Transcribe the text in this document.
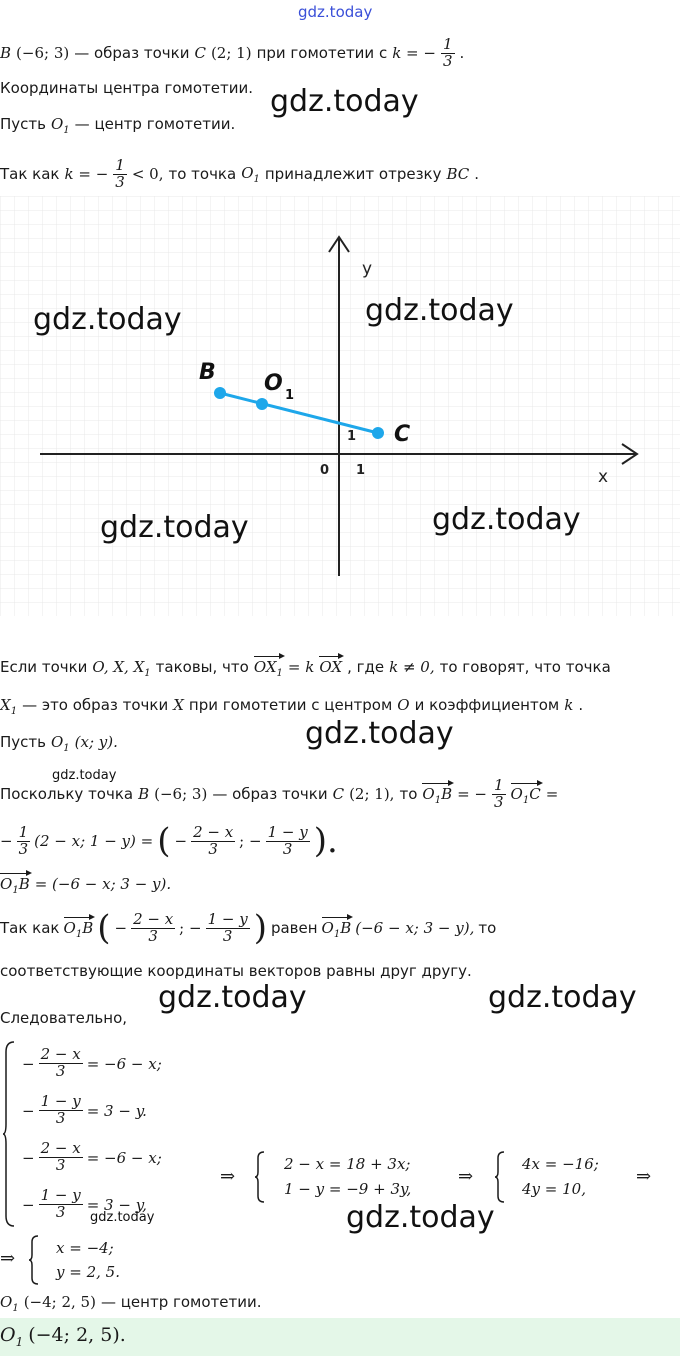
gdz.today
B (−6; 3) — образ точки C (2; 1) при гомотетии с k = − $\frac{1}{3}$ .
Координаты центра гомотетии. gdz.today
Пусть $O_1$ — центр гомотетии.
Так как k = − $\frac{1}{3} < 0$, то точка $O_1$ принадлежит отрезку BC .
y
x
0 1
1
B O 1
C
gdz.today	gdz.today
gdz.today	gdz.today
Если точки O, X, $X_1$ таковы, что $OX_1 = k$ OX , где k ≠ 0, то говорят, что точка
$X_1$ — это образ точки X при гомотетии с центром O и коэффициентом k .
Пусть $O_1$ (x; y).	gdz.today
gdz.today
Поскольку точка B (−6; 3) — образ точки C (2; 1), то $O_1B$ = − $\frac{1}{3} O_1C$ =
− $\frac{1}{3} (2 - x$; 1 − y) = ( − $\frac{2 - x}{3}$ ; − $\frac{1 - y}{3}$ ).
$O_1B = (-6 - x$; 3 − y).
Так как $O_1B$ ( − $\frac{2 - x}{3}$ ; − $\frac{1 - y}{3}$ ) равен $O_1B$ (−6 − x; 3 − y), то
соответствующие координаты векторов равны друг другу.
Следовательно,
gdz.today	gdz.today
− $\frac{2 - x}{3} = -6 - x$;
− $\frac{1 - y}{3} = 3 - y$.
− $\frac{2 - x}{3} = -6 - x$;
− $\frac{1 - y}{3} = 3 - y$,
gdz.today
⇒
2 − x = 18 + 3x;
1 − y = −9 + 3y,
⇒
4x = −16;
4y = 10,
⇒
gdz.today
⇒	x = −4;
y = 2, 5.
$O_1$ (−4; 2, 5) — центр гомотетии.
$O_1$ (−4; 2, 5).
